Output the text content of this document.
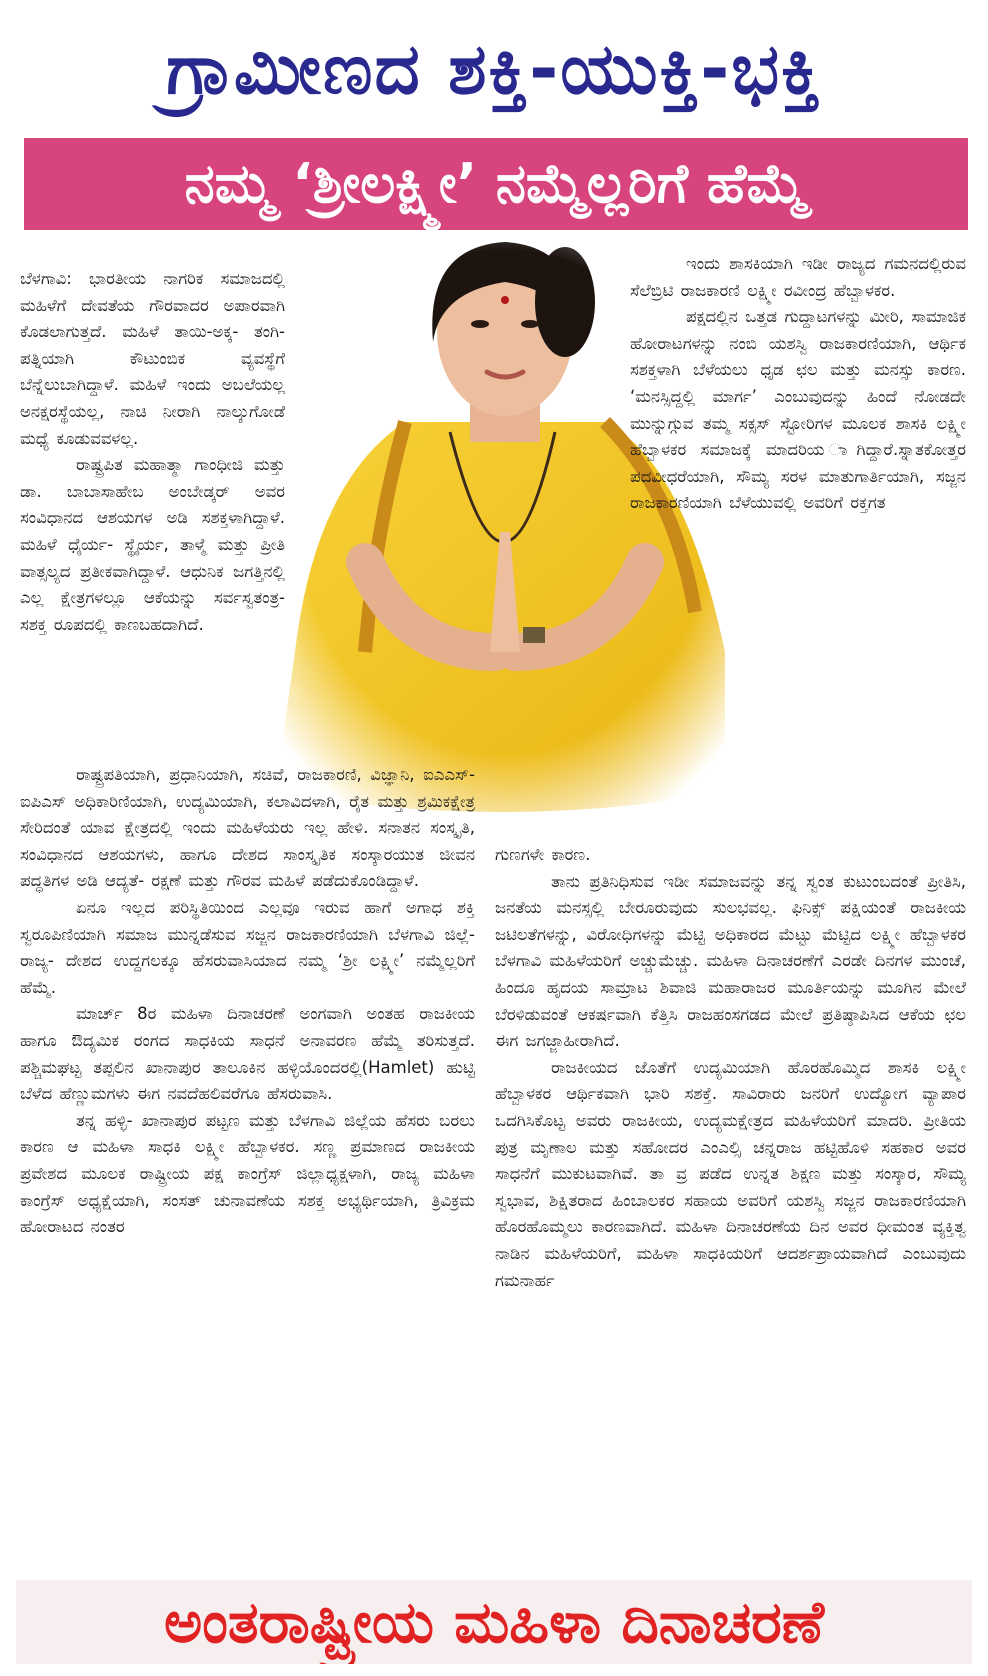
ಗ್ರಾಮೀಣದ ಶಕ್ತಿ-ಯುಕ್ತಿ-ಭಕ್ತಿ
ನಮ್ಮ ‘ಶ್ರೀಲಕ್ಷ್ಮೀ’ ನಮ್ಮೆಲ್ಲರಿಗೆ ಹೆಮ್ಮೆ

ಬೆಳಗಾವಿ: ಭಾರತೀಯ ನಾಗರಿಕ ಸಮಾಜದಲ್ಲಿ ಮಹಿಳೆಗೆ ದೇವತೆಯ ಗೌರವಾದರ ಅಪಾರವಾಗಿ ಕೊಡಲಾಗುತ್ತದೆ. ಮಹಿಳೆ ತಾಯಿ-ಅಕ್ಕ- ತಂಗಿ- ಪತ್ನಿಯಾಗಿ ಕೌಟುಂಬಿಕ ವ್ಯವಸ್ಥೆಗೆ ಬೆನ್ನೆಲುಬಾಗಿದ್ದಾಳೆ. ಮಹಿಳೆ ಇಂದು ಅಬಲೆಯಲ್ಲ ಅನಕ್ಷರಸ್ಥೆಯಲ್ಲ, ನಾಚಿ ನೀರಾಗಿ ನಾಲ್ಕುಗೋಡೆ ಮಧ್ಯೆ ಕೂಡುವವಳಲ್ಲ.

ರಾಷ್ಟ್ರಪಿತ ಮಹಾತ್ಮಾ ಗಾಂಧೀಜಿ ಮತ್ತು ಡಾ. ಬಾಬಾಸಾಹೇಬ ಅಂಬೇಡ್ಕರ್ ಅವರ ಸಂವಿಧಾನದ ಆಶಯಗಳ ಅಡಿ ಸಶಕ್ತಳಾಗಿದ್ದಾಳೆ. ಮಹಿಳೆ ಧೈರ್ಯ- ಸ್ಥೈರ್ಯ, ತಾಳ್ಮೆ ಮತ್ತು ಪ್ರೀತಿ ವಾತ್ಸಲ್ಯದ ಪ್ರತೀಕವಾಗಿದ್ದಾಳೆ. ಆಧುನಿಕ ಜಗತ್ತಿನಲ್ಲಿ ಎಲ್ಲ ಕ್ಷೇತ್ರಗಳಲ್ಲೂ ಆಕೆಯನ್ನು ಸರ್ವಸ್ವತಂತ್ರ- ಸಶಕ್ತ ರೂಪದಲ್ಲಿ ಕಾಣಬಹದಾಗಿದೆ.

ಇಂದು ಶಾಸಕಿಯಾಗಿ ಇಡೀ ರಾಜ್ಯದ ಗಮನದಲ್ಲಿರುವ ಸೆಲೆಬ್ರಿಟಿ ರಾಜಕಾರಣಿ ಲಕ್ಷ್ಮೀ ರವೀಂದ್ರ ಹೆಬ್ಬಾಳಕರ.

ಪಕ್ಷದಲ್ಲಿನ ಒತ್ತಡ ಗುದ್ದಾಟಗಳನ್ನು ಮೀರಿ, ಸಾಮಾಜಿಕ ಹೋರಾಟಗಳನ್ನು ನಂಬಿ ಯಶಸ್ವಿ ರಾಜಕಾರಣಿಯಾಗಿ, ಆರ್ಥಿಕ ಸಶಕ್ತಳಾಗಿ ಬೆಳೆಯಲು ಧೃಡ ಛಲ ಮತ್ತು ಮನಸ್ಸು ಕಾರಣ. ‘ಮನಸ್ಸಿದ್ದಲ್ಲಿ ಮಾರ್ಗ’ ಎಂಬುವುದನ್ನು ಹಿಂದೆ ನೋಡದೇ ಮುನ್ನುಗ್ಗುವ ತಮ್ಮ ಸಕ್ಸಸ್ ಸ್ಟೋರಿಗಳ ಮೂಲಕ ಶಾಸಕಿ ಲಕ್ಷ್ಮೀ ಹೆಬ್ಬಾಳಕರ ಸಮಾಜಕ್ಕೆ ಮಾದರಿಯ ಾಗಿದ್ದಾರೆ.ಸ್ನಾತಕೋತ್ತರ ಪದವೀಧರೆಯಾಗಿ, ಸೌಮ್ಯ ಸರಳ ಮಾತುಗಾರ್ತಿಯಾಗಿ, ಸಜ್ಜನ ರಾಜಕಾರಣಿಯಾಗಿ ಬೆಳೆಯುವಲ್ಲಿ ಅವರಿಗೆ ರಕ್ತಗತ

ರಾಷ್ಟ್ರಪತಿಯಾಗಿ, ಪ್ರಧಾನಿಯಾಗಿ, ಸಚಿವೆ, ರಾಜಕಾರಣಿ, ವಿಜ್ಞಾನಿ, ಐಎಎಸ್-ಐಪಿಎಸ್ ಅಧಿಕಾರಿಣಿಯಾಗಿ, ಉದ್ಯಮಿಯಾಗಿ, ಕಲಾವಿದಳಾಗಿ, ರೈತ ಮತ್ತು ಶ್ರಮಿಕಕ್ಷೇತ್ರ ಸೇರಿದಂತೆ ಯಾವ ಕ್ಷೇತ್ರದಲ್ಲಿ ಇಂದು ಮಹಿಳೆಯರು ಇಲ್ಲ ಹೇಳಿ. ಸನಾತನ ಸಂಸ್ಕೃತಿ, ಸಂವಿಧಾನದ ಆಶಯಗಳು, ಹಾಗೂ ದೇಶದ ಸಾಂಸ್ಕೃತಿಕ ಸಂಸ್ಕಾರಯುತ ಜೀವನ ಪದ್ಧತಿಗಳ ಅಡಿ ಆದ್ಯತೆ- ರಕ್ಷಣೆ ಮತ್ತು ಗೌರವ ಮಹಿಳೆ ಪಡೆದುಕೊಂಡಿದ್ದಾಳೆ.

ಏನೂ ಇಲ್ಲದ ಪರಿಸ್ಥಿತಿಯಿಂದ ಎಲ್ಲವೂ ಇರುವ ಹಾಗೆ ಅಗಾಧ ಶಕ್ತಿ ಸ್ವರೂಪಿಣಿಯಾಗಿ ಸಮಾಜ ಮುನ್ನಡೆಸುವ ಸಜ್ಜನ ರಾಜಕಾರಣಿಯಾಗಿ ಬೆಳಗಾವಿ ಜಿಲ್ಲೆ- ರಾಜ್ಯ- ದೇಶದ ಉದ್ದಗಲಕ್ಕೂ ಹೆಸರುವಾಸಿಯಾದ ನಮ್ಮ ‘ಶ್ರೀ ಲಕ್ಷ್ಮೀ’ ನಮ್ಮೆಲ್ಲರಿಗೆ ಹೆಮ್ಮೆ.

ಮಾರ್ಚ್ 8ರ ಮಹಿಳಾ ದಿನಾಚರಣೆ ಅಂಗವಾಗಿ ಅಂತಹ ರಾಜಕೀಯ ಹಾಗೂ ಔದ್ಯಮಿಕ ರಂಗದ ಸಾಧಕಿಯ ಸಾಧನೆ ಅನಾವರಣ ಹೆಮ್ಮೆ ತರಿಸುತ್ತದೆ. ಪಶ್ಚಿಮಘಟ್ಟ ತಪ್ಪಲಿನ ಖಾನಾಪುರ ತಾಲೂಕಿನ ಹಳ್ಳಿಯೊಂದರಲ್ಲಿ(Hamlet) ಹುಟ್ಟಿ ಬೆಳೆದ ಹೆಣ್ಣುಮಗಳು ಈಗ ನವದೆಹಲಿವರೆಗೂ ಹೆಸರುವಾಸಿ.

ತನ್ನ ಹಳ್ಳಿ- ಖಾನಾಪುರ ಪಟ್ಟಣ ಮತ್ತು ಬೆಳಗಾವಿ ಜಿಲ್ಲೆಯ ಹೆಸರು ಬರಲು ಕಾರಣ ಆ ಮಹಿಳಾ ಸಾಧಕಿ ಲಕ್ಷ್ಮೀ ಹೆಬ್ಬಾಳಕರ. ಸಣ್ಣ ಪ್ರಮಾಣದ ರಾಜಕೀಯ ಪ್ರವೇಶದ ಮೂಲಕ ರಾಷ್ಟ್ರೀಯ ಪಕ್ಷ ಕಾಂಗ್ರೆಸ್ ಜಿಲ್ಲಾಧ್ಯಕ್ಷಳಾಗಿ, ರಾಜ್ಯ ಮಹಿಳಾ ಕಾಂಗ್ರೆಸ್ ಅಧ್ಯಕ್ಷೆಯಾಗಿ, ಸಂಸತ್ ಚುನಾವಣೆಯ ಸಶಕ್ತ ಅಭ್ಯರ್ಥಿಯಾಗಿ, ತ್ರಿವಿಕ್ರಮ ಹೋರಾಟದ ನಂತರ

ಗುಣಗಳೇ ಕಾರಣ.

ತಾನು ಪ್ರತಿನಿಧಿಸುವ ಇಡೀ ಸಮಾಜವನ್ನು ತನ್ನ ಸ್ವಂತ ಕುಟುಂಬದಂತೆ ಪ್ರೀತಿಸಿ, ಜನತೆಯ ಮನಸ್ಸಲ್ಲಿ ಬೇರೂರುವುದು ಸುಲಭವಲ್ಲ. ಫಿನಿಕ್ಸ್ ಪಕ್ಷಿಯಂತೆ ರಾಜಕೀಯ ಜಟಿಲತೆಗಳನ್ನು, ವಿರೋಧಿಗಳನ್ನು ಮೆಟ್ಟಿ ಅಧಿಕಾರದ ಮೆಟ್ಟು ಮೆಟ್ಟಿದ ಲಕ್ಷ್ಮೀ ಹೆಬ್ಬಾಳಕರ ಬೆಳಗಾವಿ ಮಹಿಳೆಯರಿಗೆ ಅಚ್ಚುಮೆಚ್ಚು. ಮಹಿಳಾ ದಿನಾಚರಣೆಗೆ ಎರಡೇ ದಿನಗಳ ಮುಂಚೆ, ಹಿಂದೂ ಹೃದಯ ಸಾಮ್ರಾಟ ಶಿವಾಜಿ ಮಹಾರಾಜರ ಮೂರ್ತಿಯನ್ನು ಮೂಗಿನ ಮೇಲೆ ಬೆರಳಿಡುವಂತೆ ಆಕರ್ಷವಾಗಿ ಕೆತ್ತಿಸಿ ರಾಜಹಂಸಗಡದ ಮೇಲೆ ಪ್ರತಿಷ್ಠಾಪಿಸಿದ ಆಕೆಯ ಛಲ ಈಗ ಜಗಜ್ಜಾಹೀರಾಗಿದೆ.

ರಾಜಕೀಯದ ಜೊತೆಗೆ ಉದ್ಯಮಿಯಾಗಿ ಹೊರಹೊಮ್ಮಿದ ಶಾಸಕಿ ಲಕ್ಷ್ಮೀ ಹೆಬ್ಬಾಳಕರ ಆರ್ಥಿಕವಾಗಿ ಭಾರಿ ಸಶಕ್ತೆ. ಸಾವಿರಾರು ಜನರಿಗೆ ಉದ್ಯೋಗ ವ್ಯಾಪಾರ ಒದಗಿಸಿಕೊಟ್ಟ ಅವರು ರಾಜಕೀಯ, ಉದ್ಯಮಕ್ಷೇತ್ರದ ಮಹಿಳೆಯರಿಗೆ ಮಾದರಿ. ಪ್ರೀತಿಯ ಪುತ್ರ ಮೃಣಾಲ ಮತ್ತು ಸಹೋದರ ಎಂಎಲ್ಸಿ ಚನ್ನರಾಜ ಹಟ್ಟಿಹೊಳಿ ಸಹಕಾರ ಅವರ ಸಾಧನೆಗೆ ಮುಕುಟವಾಗಿವೆ. ತಾ ವ್ರ ಪಡೆದ ಉನ್ನತ ಶಿಕ್ಷಣ ಮತ್ತು ಸಂಸ್ಕಾರ, ಸೌಮ್ಯ ಸ್ವಭಾವ, ಶಿಕ್ಷಿತರಾದ ಹಿಂಬಾಲಕರ ಸಹಾಯ ಅವರಿಗೆ ಯಶಸ್ವಿ ಸಜ್ಜನ ರಾಜಕಾರಣಿಯಾಗಿ ಹೊರಹೊಮ್ಮಲು ಕಾರಣವಾಗಿದೆ. ಮಹಿಳಾ ದಿನಾಚರಣೆಯ ದಿನ ಅವರ ಧೀಮಂತ ವ್ಯಕ್ತಿತ್ವ ನಾಡಿನ ಮಹಿಳೆಯರಿಗೆ, ಮಹಿಳಾ ಸಾಧಕಿಯರಿಗೆ ಆದರ್ಶಪ್ರಾಯವಾಗಿದೆ ಎಂಬುವುದು ಗಮನಾರ್ಹ

ಅಂತರಾಷ್ಟ್ರೀಯ ಮಹಿಳಾ ದಿನಾಚರಣೆ
